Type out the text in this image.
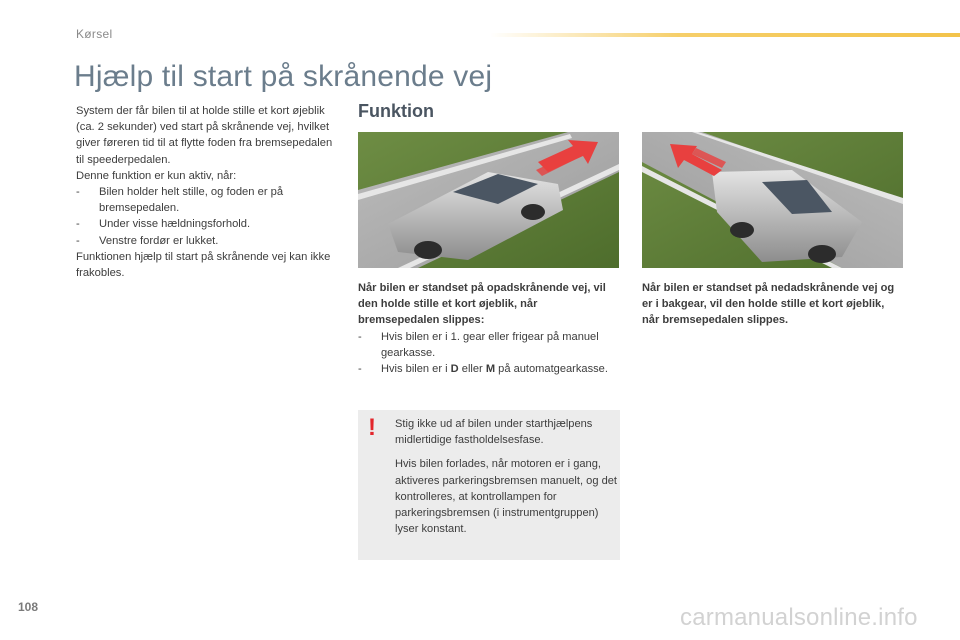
Kørsel
Hjælp til start på skrånende vej

System der får bilen til at holde stille et kort øjeblik (ca. 2 sekunder) ved start på skrånende vej, hvilket giver føreren tid til at flytte foden fra bremsepedalen til speederpedalen.

Denne funktion er kun aktiv, når:

- Bilen holder helt stille, og foden er på bremsepedalen.

- Under visse hældningsforhold.

- Venstre fordør er lukket.

Funktionen hjælp til start på skrånende vej kan ikke frakobles.

Funktion

Når bilen er standset på opadskrånende vej, vil den holde stille et kort øjeblik, når bremsepedalen slippes:

- Hvis bilen er i 1. gear eller frigear på manuel gearkasse.

- Hvis bilen er i D eller M på automatgearkasse.

Når bilen er standset på nedadskrånende vej og er i bakgear, vil den holde stille et kort øjeblik, når bremsepedalen slippes.

! Stig ikke ud af bilen under starthjælpens midlertidige fastholdelsesfase.

Hvis bilen forlades, når motoren er i gang, aktiveres parkeringsbremsen manuelt, og det kontrolleres, at kontrollampen for parkeringsbremsen (i instrumentgruppen) lyser konstant.

108	carmanualsonline.info
